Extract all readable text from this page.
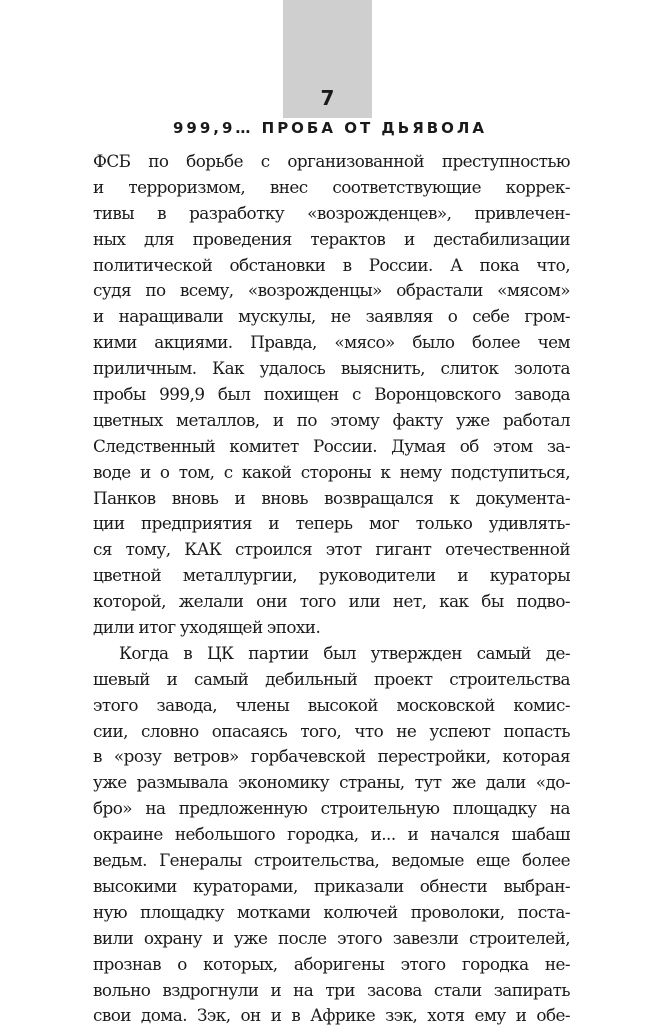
7
999,9… ПРОБА ОТ ДЬЯВОЛА
ФСБ по борьбе с организованной преступностью
и терроризмом, внес соответствующие коррек-
тивы в разработку «возрожденцев», привлечен-
ных для проведения терактов и дестабилизации
политической обстановки в России. А пока что,
судя по всему, «возрожденцы» обрастали «мясом»
и наращивали мускулы, не заявляя о себе гром-
кими акциями. Правда, «мясо» было более чем
приличным. Как удалось выяснить, слиток золота
пробы 999,9 был похищен с Воронцовского завода
цветных металлов, и по этому факту уже работал
Следственный комитет России. Думая об этом за-
воде и о том, с какой стороны к нему подступиться,
Панков вновь и вновь возвращался к документа-
ции предприятия и теперь мог только удивлять-
ся тому, КАК строился этот гигант отечественной
цветной металлургии, руководители и кураторы
которой, желали они того или нет, как бы подво-
дили итог уходящей эпохи.
Когда в ЦК партии был утвержден самый де-
шевый и самый дебильный проект строительства
этого завода, члены высокой московской комис-
сии, словно опасаясь того, что не успеют попасть
в «розу ветров» горбачевской перестройки, которая
уже размывала экономику страны, тут же дали «до-
бро» на предложенную строительную площадку на
окраине небольшого городка, и... и начался шабаш
ведьм. Генералы строительства, ведомые еще более
высокими кураторами, приказали обнести выбран-
ную площадку мотками колючей проволоки, поста-
вили охрану и уже после этого завезли строителей,
прознав о которых, аборигены этого городка не-
вольно вздрогнули и на три засова стали запирать
свои дома. Зэк, он и в Африке зэк, хотя ему и обе-
